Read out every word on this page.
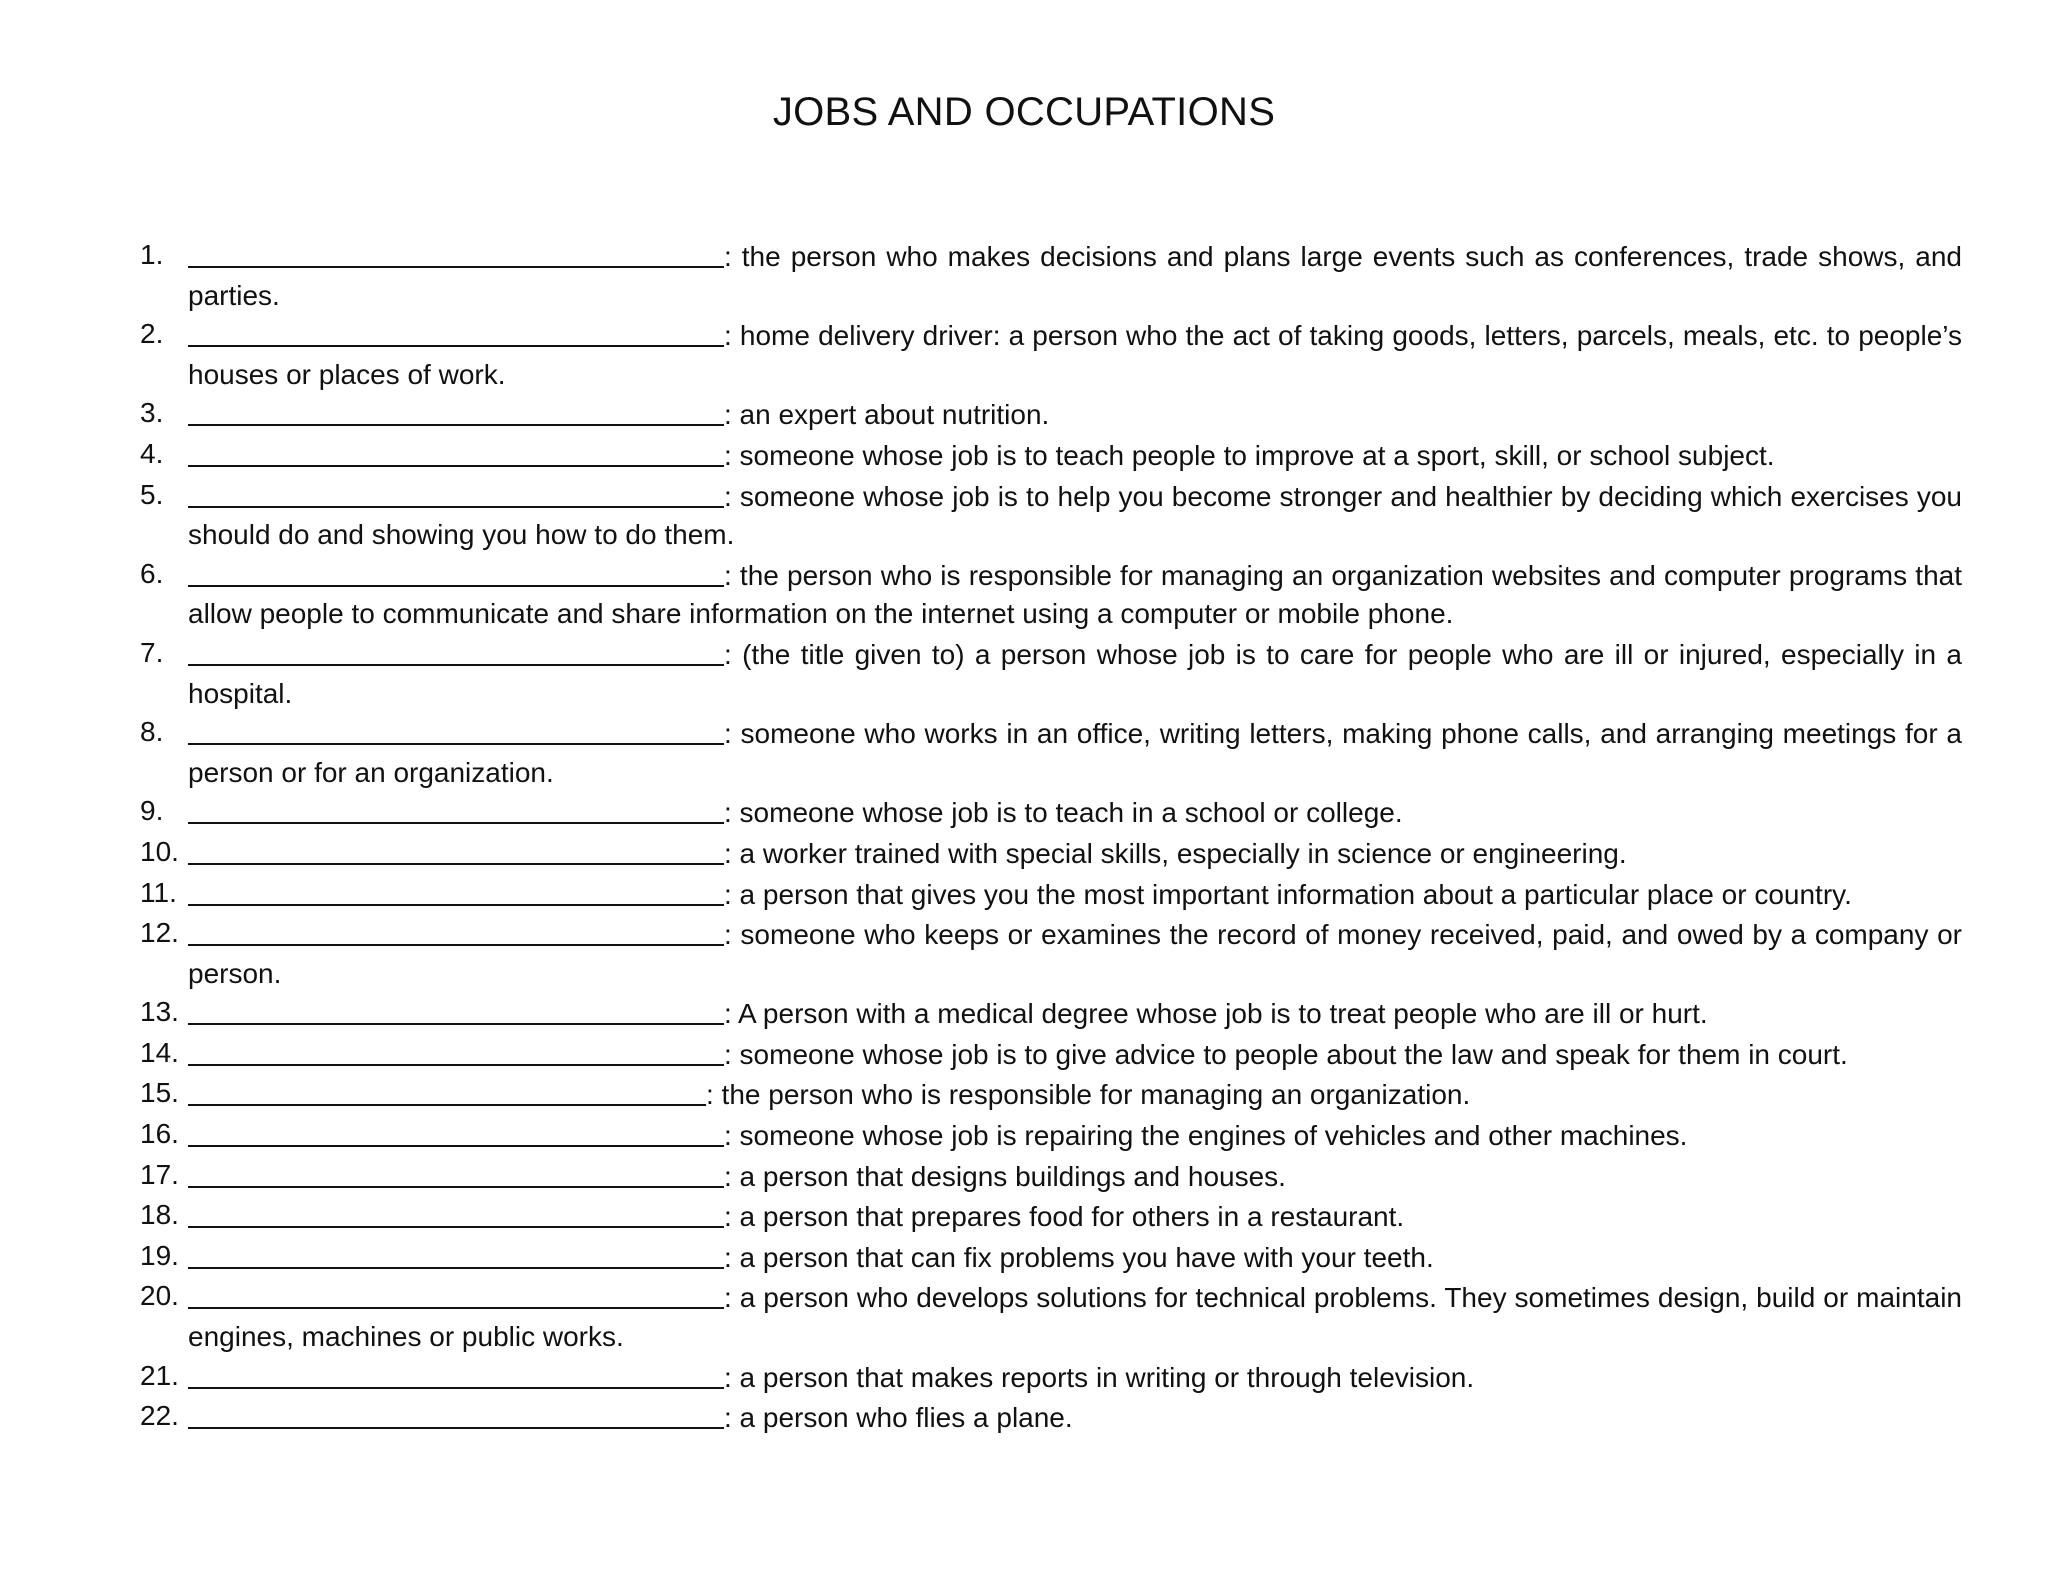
JOBS AND OCCUPATIONS
1.	: the person who makes decisions and plans large events such as conferences, trade shows, and parties.
2.	: home delivery driver: a person who the act of taking goods, letters, parcels, meals, etc. to people’s houses or places of work.
3.	: an expert about nutrition.
4.	: someone whose job is to teach people to improve at a sport, skill, or school subject.
5.	: someone whose job is to help you become stronger and healthier by deciding which exercises you should do and showing you how to do them.
6.	: the person who is responsible for managing an organization websites and computer programs that allow people to communicate and share information on the internet using a computer or mobile phone.
7.	: (the title given to) a person whose job is to care for people who are ill or injured, especially in a hospital.
8.	: someone who works in an office, writing letters, making phone calls, and arranging meetings for a person or for an organization.
9.	: someone whose job is to teach in a school or college.
10.	: a worker trained with special skills, especially in science or engineering.
11.	: a person that gives you the most important information about a particular place or country.
12.	: someone who keeps or examines the record of money received, paid, and owed by a company or person.
13.	: A person with a medical degree whose job is to treat people who are ill or hurt.
14.	: someone whose job is to give advice to people about the law and speak for them in court.
15.	: the person who is responsible for managing an organization.
16.	: someone whose job is repairing the engines of vehicles and other machines.
17.	: a person that designs buildings and houses.
18.	: a person that prepares food for others in a restaurant.
19.	: a person that can fix problems you have with your teeth.
20.	: a person who develops solutions for technical problems. They sometimes design, build or maintain engines, machines or public works.
21.	: a person that makes reports in writing or through television.
22.	: a person who flies a plane.
